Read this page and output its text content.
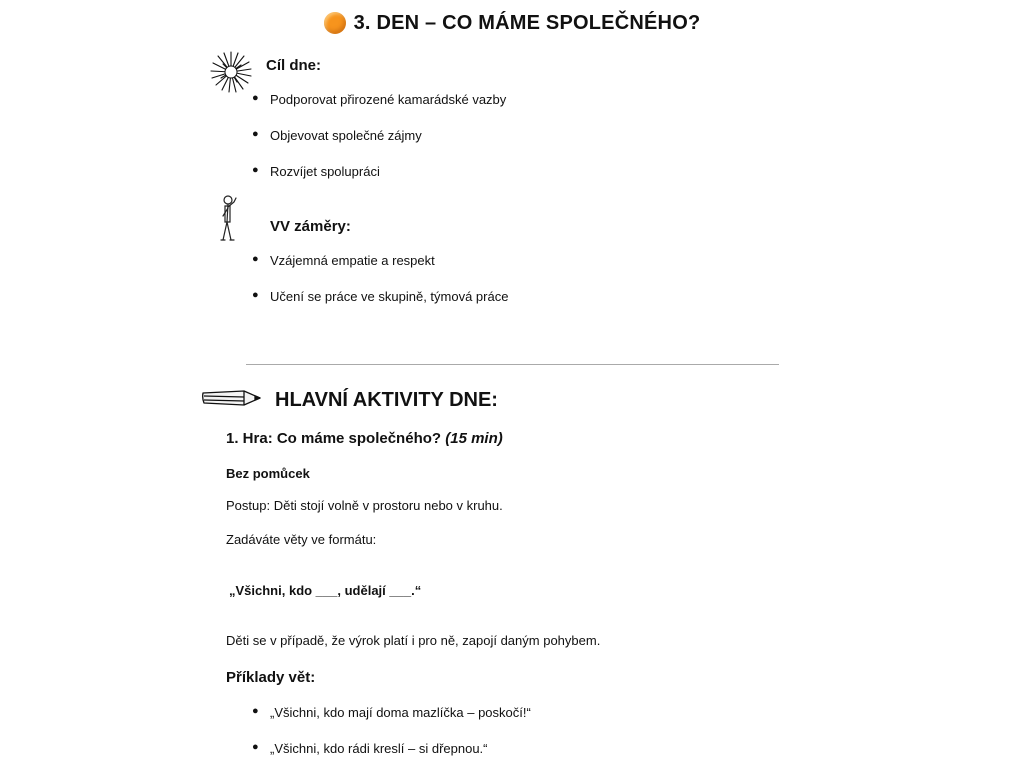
3. DEN – CO MÁME SPOLEČNÉHO?
Cíl dne:
● Podporovat přirozené kamarádské vazby
● Objevovat společné zájmy
● Rozvíjet spolupráci
VV záměry:
● Vzájemná empatie a respekt
● Učení se práce ve skupině, týmová práce
HLAVNÍ AKTIVITY DNE:
1. Hra: Co máme společného? (15 min)
Bez pomůcek
Postup: Děti stojí volně v prostoru nebo v kruhu.
Zadáváte věty ve formátu:
„Všichni, kdo ___, udělají ___.“
Děti se v případě, že výrok platí i pro ně, zapojí daným pohybem.
Příklady vět:
● „Všichni, kdo mají doma mazlíčka – poskočí!“
● „Všichni, kdo rádi kreslí – si dřepnou.“
